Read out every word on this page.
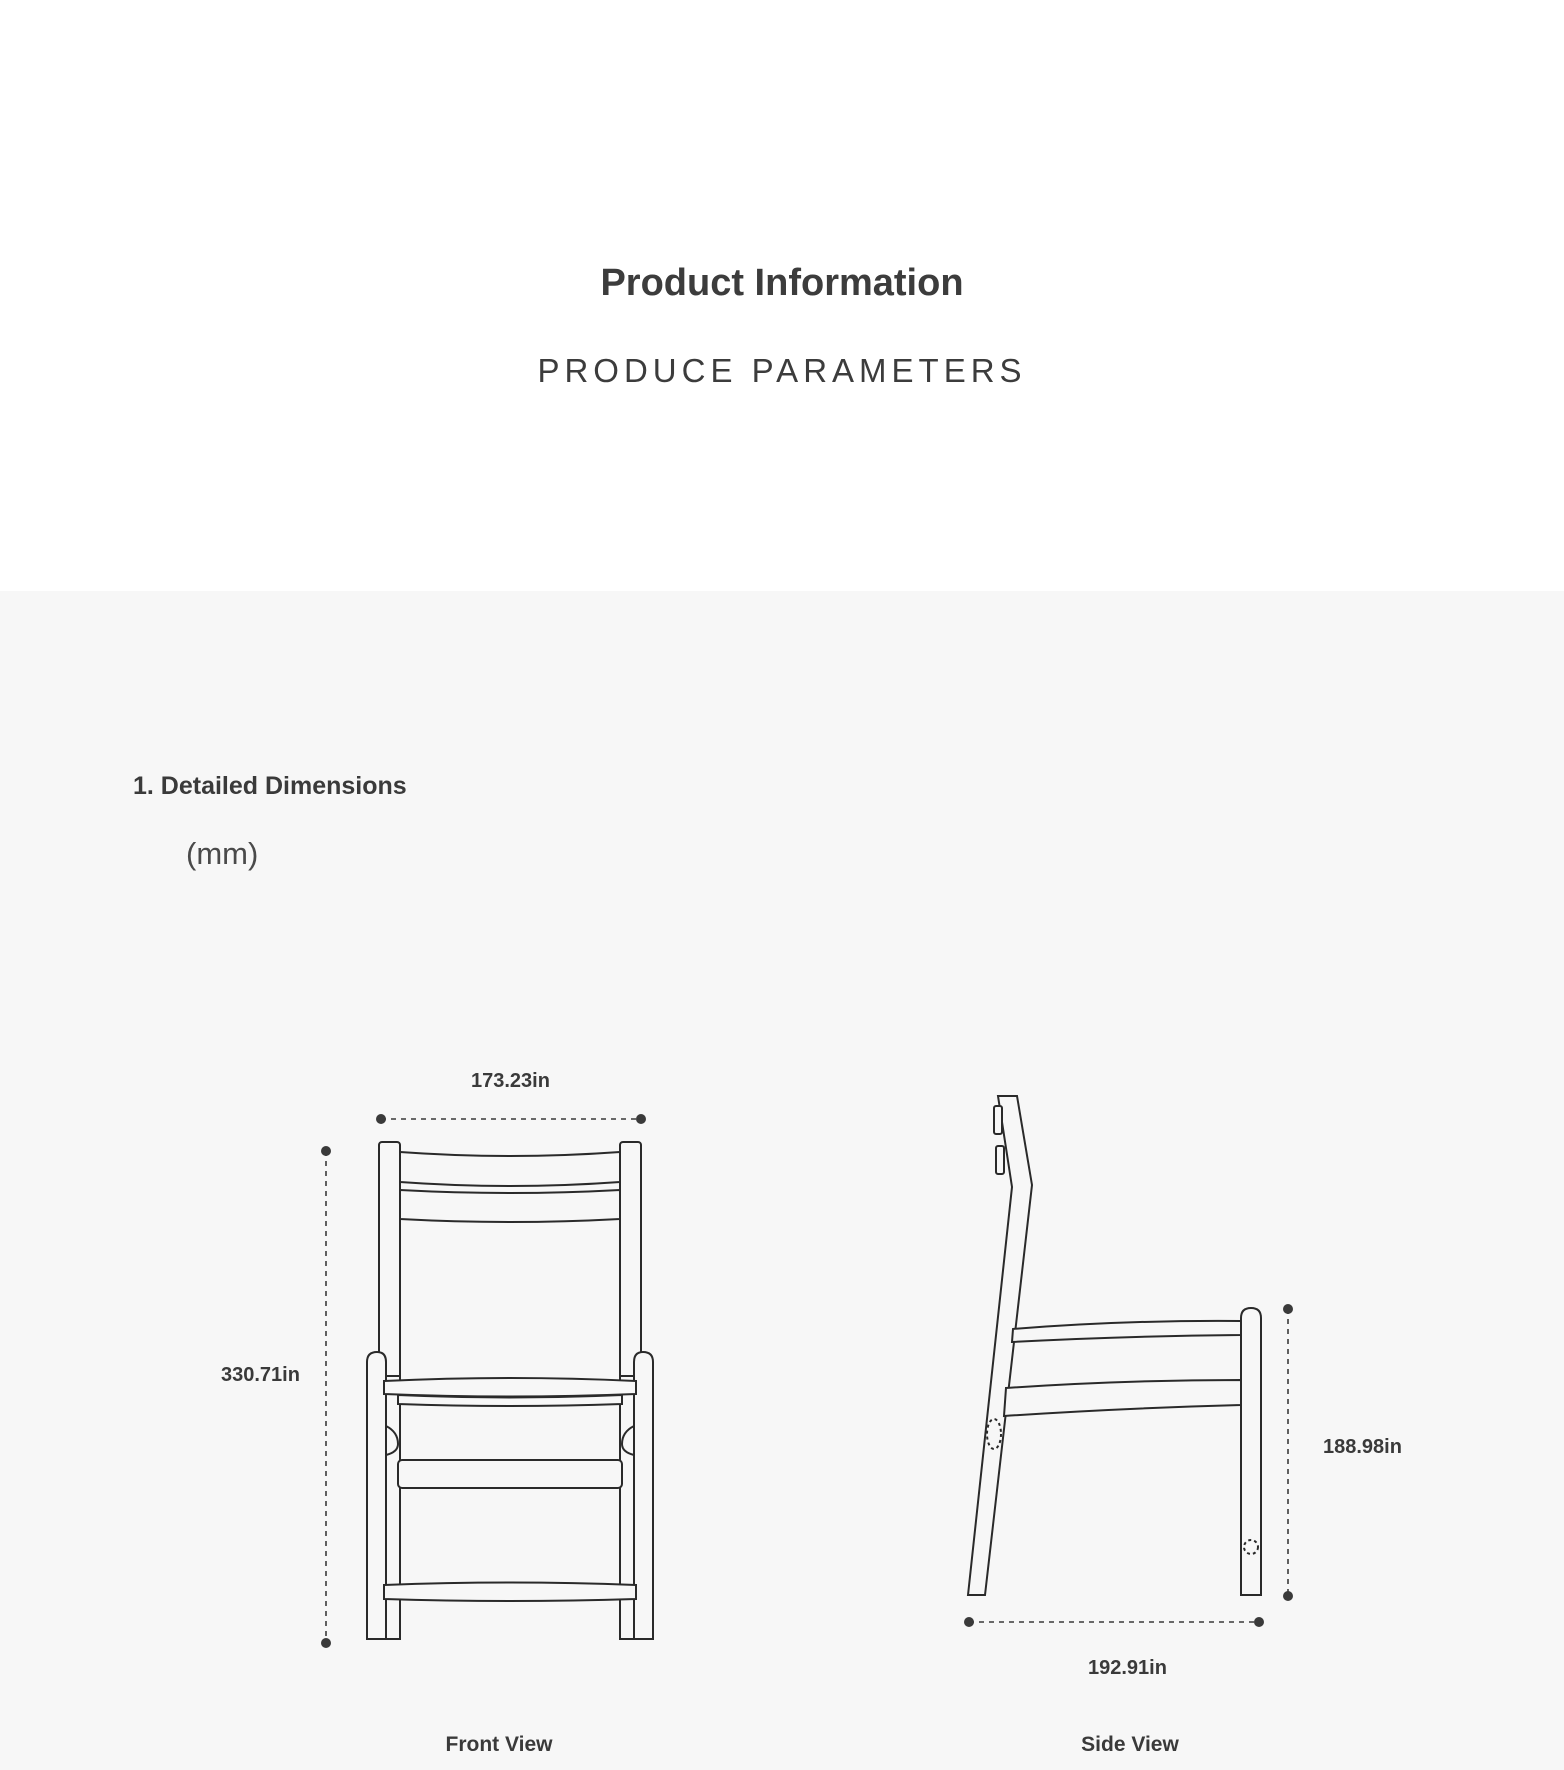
Product Information

PRODUCE PARAMETERS

1. Detailed Dimensions

(mm)

173.23in
330.71in
188.98in
192.91in
Front View	Side View
